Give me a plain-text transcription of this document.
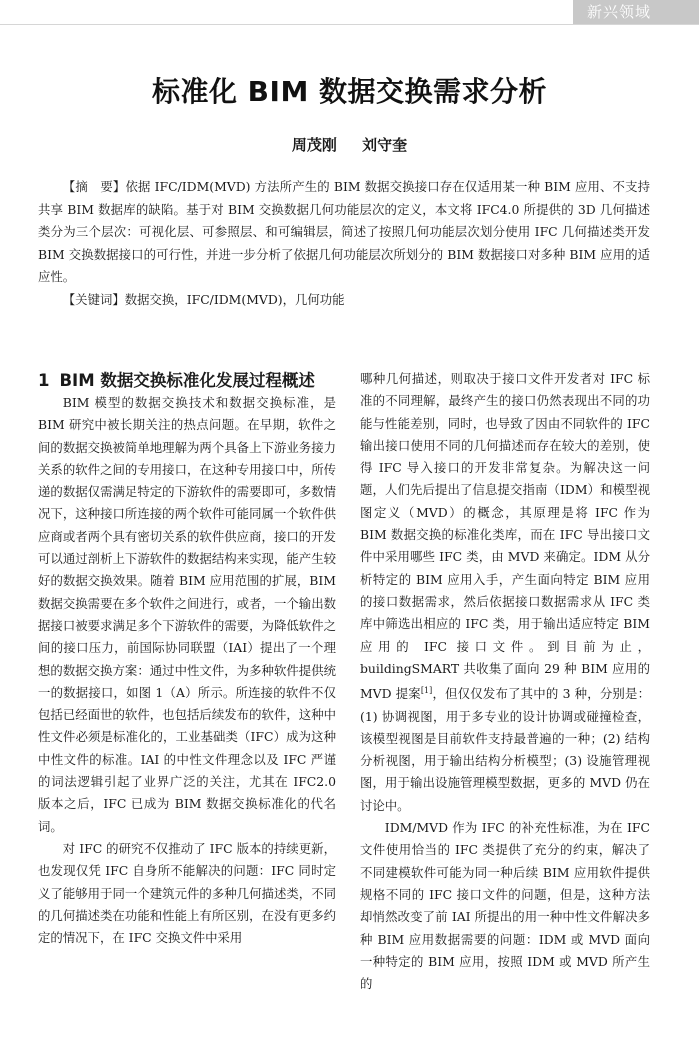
新兴领域
标准化 BIM 数据交换需求分析
周茂刚 刘守奎

【摘　要】依据 IFC/IDM(MVD) 方法所产生的 BIM 数据交换接口存在仅适用某一种 BIM 应用、不支持共享 BIM 数据库的缺陷。基于对 BIM 交换数据几何功能层次的定义，本文将 IFC4.0 所提供的 3D 几何描述类分为三个层次：可视化层、可参照层、和可编辑层，简述了按照几何功能层次划分使用 IFC 几何描述类开发 BIM 交换数据接口的可行性，并进一步分析了依据几何功能层次所划分的 BIM 数据接口对多种 BIM 应用的适应性。

【关键词】数据交换，IFC/IDM(MVD)，几何功能

1 BIM 数据交换标准化发展过程概述

BIM 模型的数据交换技术和数据交换标准，是 BIM 研究中被长期关注的热点问题。在早期，软件之间的数据交换被简单地理解为两个具备上下游业务接力关系的软件之间的专用接口，在这种专用接口中，所传递的数据仅需满足特定的下游软件的需要即可，多数情况下，这种接口所连接的两个软件可能同属一个软件供应商或者两个具有密切关系的软件供应商，接口的开发可以通过剖析上下游软件的数据结构来实现，能产生较好的数据交换效果。随着 BIM 应用范围的扩展，BIM 数据交换需要在多个软件之间进行，或者，一个输出数据接口被要求满足多个下游软件的需要，为降低软件之间的接口压力，前国际协同联盟（IAI）提出了一个理想的数据交换方案：通过中性文件，为多种软件提供统一的数据接口，如图 1（A）所示。所连接的软件不仅包括已经面世的软件，也包括后续发布的软件，这种中性文件必须是标准化的，工业基础类（IFC）成为这种中性文件的标准。IAI 的中性文件理念以及 IFC 严谨的词法逻辑引起了业界广泛的关注，尤其在 IFC2.0 版本之后，IFC 已成为 BIM 数据交换标准化的代名词。

对 IFC 的研究不仅推动了 IFC 版本的持续更新，也发现仅凭 IFC 自身所不能解决的问题：IFC 同时定义了能够用于同一个建筑元件的多种几何描述类，不同的几何描述类在功能和性能上有所区别，在没有更多约定的情况下，在 IFC 交换文件中采用

哪种几何描述，则取决于接口文件开发者对 IFC 标准的不同理解，最终产生的接口仍然表现出不同的功能与性能差别，同时，也导致了因由不同软件的 IFC 输出接口使用不同的几何描述而存在较大的差别，使得 IFC 导入接口的开发非常复杂。为解决这一问题，人们先后提出了信息提交指南（IDM）和模型视图定义（MVD）的概念，其原理是将 IFC 作为 BIM 数据交换的标准化类库，而在 IFC 导出接口文件中采用哪些 IFC 类，由 MVD 来确定。IDM 从分析特定的 BIM 应用入手，产生面向特定 BIM 应用的接口数据需求，然后依据接口数据需求从 IFC 类库中筛选出相应的 IFC 类，用于输出适应特定 BIM 应用的 IFC 接口文件。到目前为止，buildingSMART 共收集了面向 29 种 BIM 应用的 MVD 提案[1]，但仅仅发布了其中的 3 种，分别是：(1) 协调视图，用于多专业的设计协调或碰撞检查，该模型视图是目前软件支持最普遍的一种；(2) 结构分析视图，用于输出结构分析模型；(3) 设施管理视图，用于输出设施管理模型数据，更多的 MVD 仍在讨论中。

IDM/MVD 作为 IFC 的补充性标准，为在 IFC 文件使用恰当的 IFC 类提供了充分的约束，解决了不同建模软件可能为同一种后续 BIM 应用软件提供规格不同的 IFC 接口文件的问题，但是，这种方法却悄然改变了前 IAI 所提出的用一种中性文件解决多种 BIM 应用数据需要的问题：IDM 或 MVD 面向一种特定的 BIM 应用，按照 IDM 或 MVD 所产生的
